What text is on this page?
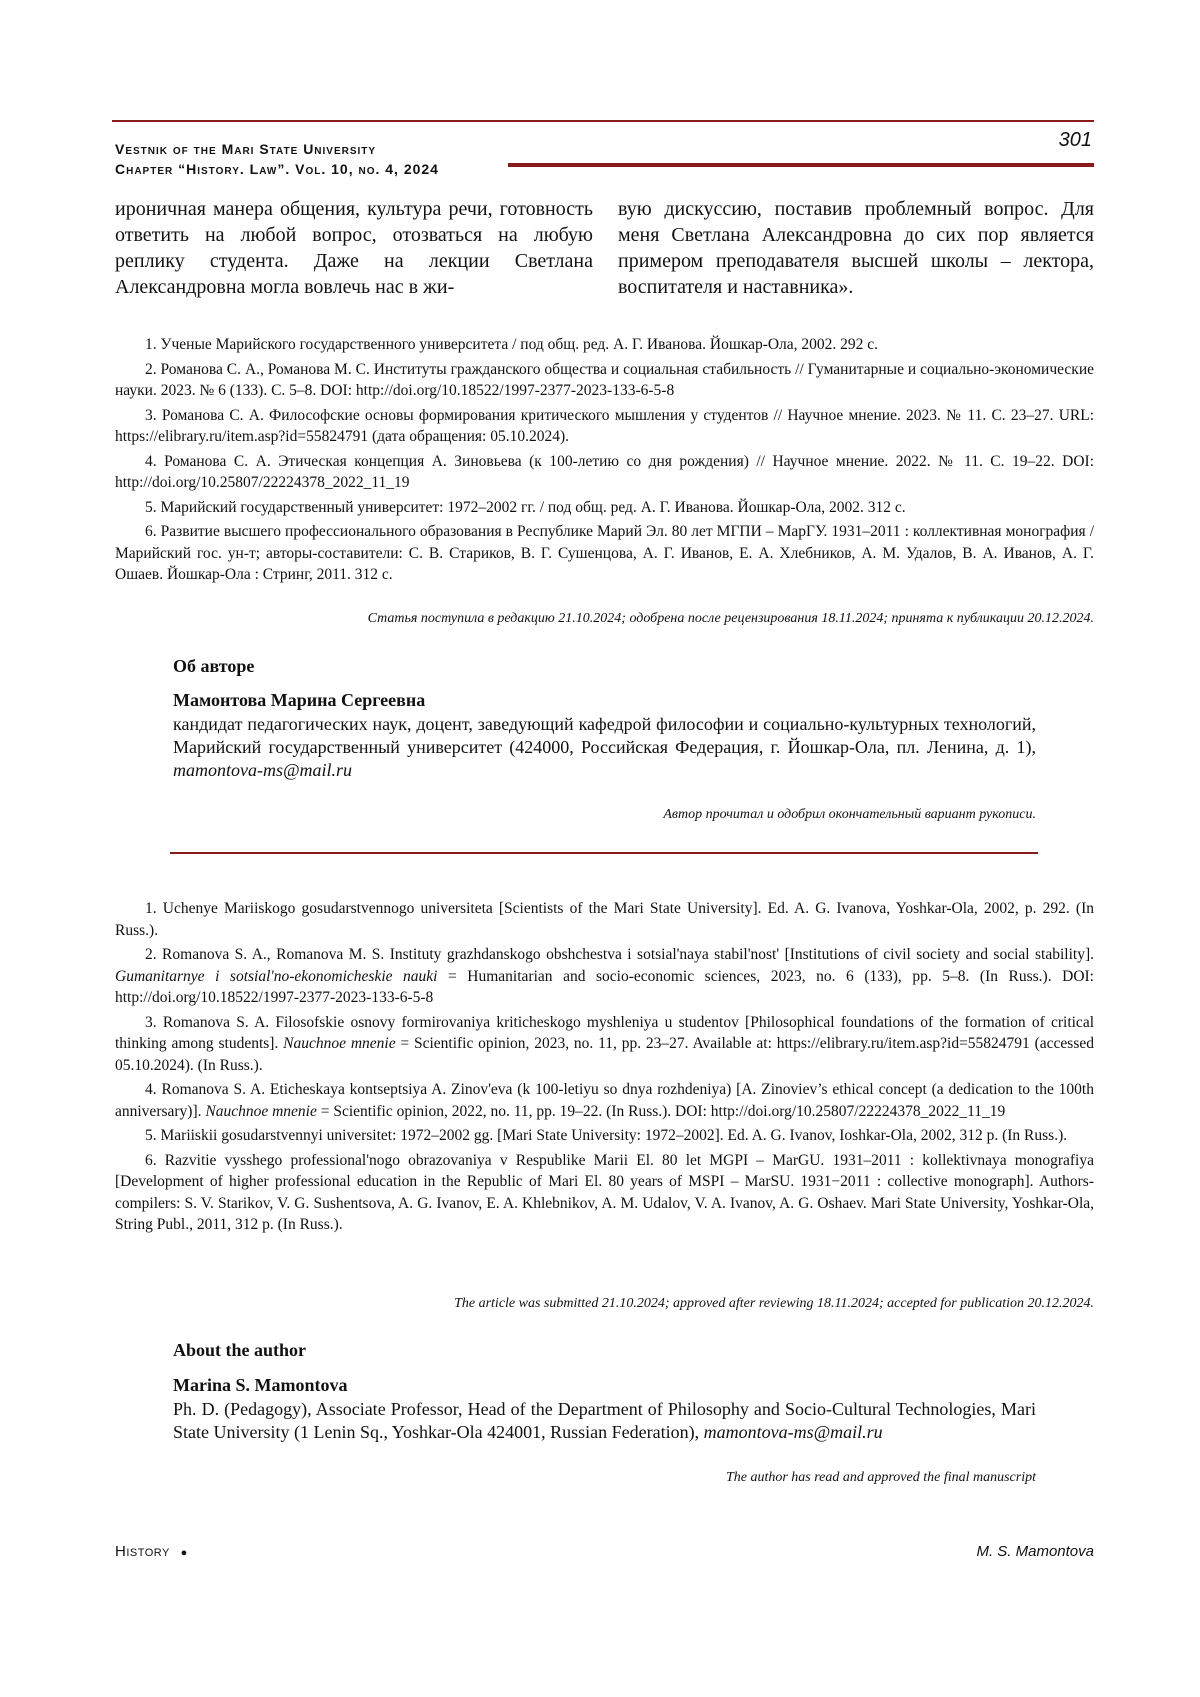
Vestnik of the Mari State University
Chapter “History. Law”. Vol. 10, no. 4, 2024
301

ироничная манера общения, культура речи, готовность ответить на любой вопрос, отозваться на любую реплику студента. Даже на лекции Светлана Александровна могла вовлечь нас в жи-

вую дискуссию, поставив проблемный вопрос. Для меня Светлана Александровна до сих пор является примером преподавателя высшей школы – лектора, воспитателя и наставника».

1. Ученые Марийского государственного университета / под общ. ред. А. Г. Иванова. Йошкар-Ола, 2002. 292 с.

2. Романова С. А., Романова М. С. Институты гражданского общества и социальная стабильность // Гуманитарные и социально-экономические науки. 2023. № 6 (133). С. 5–8. DOI: http://doi.org/10.18522/1997-2377-2023-133-6-5-8

3. Романова С. А. Философские основы формирования критического мышления у студентов // Научное мнение. 2023. № 11. С. 23–27. URL: https://elibrary.ru/item.asp?id=55824791 (дата обращения: 05.10.2024).

4. Романова С. А. Этическая концепция А. Зиновьева (к 100-летию со дня рождения) // Научное мнение. 2022. № 11. С. 19–22. DOI: http://doi.org/10.25807/22224378_2022_11_19

5. Марийский государственный университет: 1972–2002 гг. / под общ. ред. А. Г. Иванова. Йошкар-Ола, 2002. 312 с.

6. Развитие высшего профессионального образования в Республике Марий Эл. 80 лет МГПИ – МарГУ. 1931–2011 : коллективная монография / Марийский гос. ун-т; авторы-составители: С. В. Стариков, В. Г. Сушенцова, А. Г. Иванов, Е. А. Хлебников, А. М. Удалов, В. А. Иванов, А. Г. Ошаев. Йошкар-Ола : Стринг, 2011. 312 с.

Статья поступила в редакцию 21.10.2024; одобрена после рецензирования 18.11.2024; принята к публикации 20.12.2024.
Об авторе
Мамонтова Марина Сергеевна
кандидат педагогических наук, доцент, заведующий кафедрой философии и социально-культурных технологий, Марийский государственный университет (424000, Российская Федерация, г. Йошкар-Ола, пл. Ленина, д. 1), mamontova-ms@mail.ru
Автор прочитал и одобрил окончательный вариант рукописи.

1. Uchenye Mariiskogo gosudarstvennogo universiteta [Scientists of the Mari State University]. Ed. A. G. Ivanova, Yoshkar-Ola, 2002, p. 292. (In Russ.).

2. Romanova S. A., Romanova M. S. Instituty grazhdanskogo obshchestva i sotsial'naya stabil'nost' [Institutions of civil society and social stability]. Gumanitarnye i sotsial'no-ekonomicheskie nauki = Humanitarian and socio-economic sciences, 2023, no. 6 (133), pp. 5–8. (In Russ.). DOI: http://doi.org/10.18522/1997-2377-2023-133-6-5-8

3. Romanova S. A. Filosofskie osnovy formirovaniya kriticheskogo myshleniya u studentov [Philosophical foundations of the formation of critical thinking among students]. Nauchnoe mnenie = Scientific opinion, 2023, no. 11, pp. 23–27. Available at: https://elibrary.ru/item.asp?id=55824791 (accessed 05.10.2024). (In Russ.).

4. Romanova S. A. Eticheskaya kontseptsiya A. Zinov'eva (k 100-letiyu so dnya rozhdeniya) [A. Zinoviev’s ethical concept (a dedication to the 100th anniversary)]. Nauchnoe mnenie = Scientific opinion, 2022, no. 11, pp. 19–22. (In Russ.). DOI: http://doi.org/10.25807/22224378_2022_11_19

5. Mariiskii gosudarstvennyi universitet: 1972–2002 gg. [Mari State University: 1972–2002]. Ed. A. G. Ivanov, Ioshkar-Ola, 2002, 312 p. (In Russ.).

6. Razvitie vysshego professional'nogo obrazovaniya v Respublike Marii El. 80 let MGPI – MarGU. 1931–2011 : kollektivnaya monografiya [Development of higher professional education in the Republic of Mari El. 80 years of MSPI – MarSU. 1931−2011 : collective monograph]. Authors-compilers: S. V. Starikov, V. G. Sushentsova, A. G. Ivanov, E. A. Khlebnikov, A. M. Udalov, V. A. Ivanov, A. G. Oshaev. Mari State University, Yoshkar-Ola, String Publ., 2011, 312 p. (In Russ.).

The article was submitted 21.10.2024; approved after reviewing 18.11.2024; accepted for publication 20.12.2024.
About the author
Marina S. Mamontova
Ph. D. (Pedagogy), Associate Professor, Head of the Department of Philosophy and Socio-Cultural Technologies, Mari State University (1 Lenin Sq., Yoshkar-Ola 424001, Russian Federation), mamontova-ms@mail.ru
The author has read and approved the final manuscript
History ●	M. S. Mamontova
